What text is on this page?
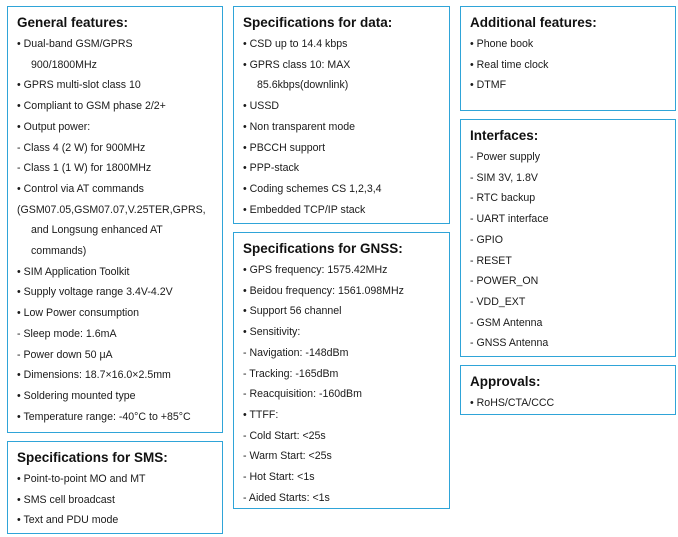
General features:
• Dual-band GSM/GPRS
900/1800MHz
• GPRS multi-slot class 10
• Compliant to GSM phase 2/2+
• Output power:
- Class 4 (2 W) for 900MHz
- Class 1 (1 W) for 1800MHz
• Control via AT commands
(GSM07.05,GSM07.07,V.25TER,GPRS,
and Longsung enhanced AT
commands)
• SIM Application Toolkit
• Supply voltage range 3.4V-4.2V
• Low Power consumption
- Sleep mode: 1.6mA
- Power down 50 μA
• Dimensions: 18.7×16.0×2.5mm
• Soldering mounted type
• Temperature range: -40°C to +85°C
Specifications for SMS:
• Point-to-point MO and MT
• SMS cell broadcast
• Text and PDU mode
Specifications for data:
• CSD up to 14.4 kbps
• GPRS class 10: MAX
85.6kbps(downlink)
• USSD
• Non transparent mode
• PBCCH support
• PPP-stack
• Coding schemes CS 1,2,3,4
• Embedded TCP/IP stack
Specifications for GNSS:
• GPS frequency: 1575.42MHz
• Beidou frequency: 1561.098MHz
• Support 56 channel
• Sensitivity:
- Navigation: -148dBm
- Tracking: -165dBm
- Reacquisition: -160dBm
• TTFF:
- Cold Start: <25s
- Warm Start: <25s
- Hot Start: <1s
- Aided Starts: <1s
Additional features:
• Phone book
• Real time clock
• DTMF
Interfaces:
- Power supply
- SIM 3V, 1.8V
- RTC backup
- UART interface
- GPIO
- RESET
- POWER_ON
- VDD_EXT
- GSM Antenna
- GNSS Antenna
Approvals:
• RoHS/CTA/CCC
